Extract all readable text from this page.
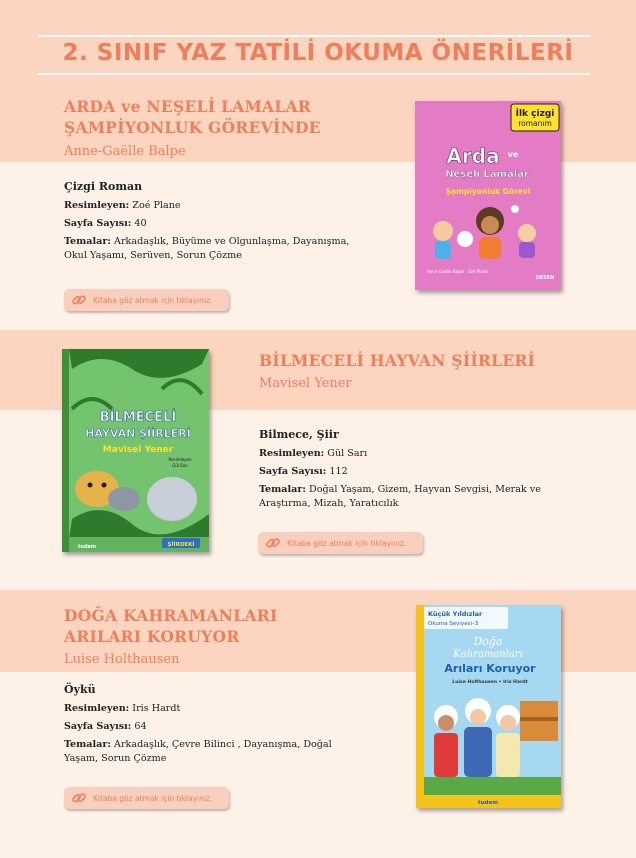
2. SINIF YAZ TATİLİ OKUMA ÖNERİLERİ
ARDA ve NEŞELİ LAMALAR
ŞAMPİYONLUK GÖREVİNDE
Anne-Gaëlle Balpe
Çizgi Roman
Resimleyen: Zoé Plane
Sayfa Sayısı: 40
Temalar: Arkadaşlık, Büyüme ve Olgunlaşma, Dayanışma, Okul Yaşamı, Serüven, Sorun Çözme
Kitaba göz atmak için tıklayınız.
İlk çizgi
romanım
Arda ve
Neşeli Lamalar
Şampiyonluk Görevi
Anne-Gaëlle Balpe · Zoé Plane
DESEN
BİLMECELİ
HAYVAN ŞİİRLERİ
Mavisel Yener
Resimleyen
Gül Sarı
tudem	ŞİİRDEKİ
BİLMECELİ HAYVAN ŞİİRLERİ
Mavisel Yener
Bilmece, Şiir
Resimleyen: Gül Sarı
Sayfa Sayısı: 112
Temalar: Doğal Yaşam, Gizem, Hayvan Sevgisi, Merak ve Araştırma, Mizah, Yaratıcılık
Kitaba göz atmak için tıklayınız.
DOĞA KAHRAMANLARI
ARILARI KORUYOR
Luise Holthausen
Öykü
Resimleyen: Iris Hardt
Sayfa Sayısı: 64
Temalar: Arkadaşlık, Çevre Bilinci , Dayanışma, Doğal Yaşam, Sorun Çözme
Kitaba göz atmak için tıklayınız.
Küçük Yıldızlar
Okuma Seviyesi–3
Doğa
Kahramanları
Arıları Koruyor
Luise Holthausen • Iris Hardt
tudem
